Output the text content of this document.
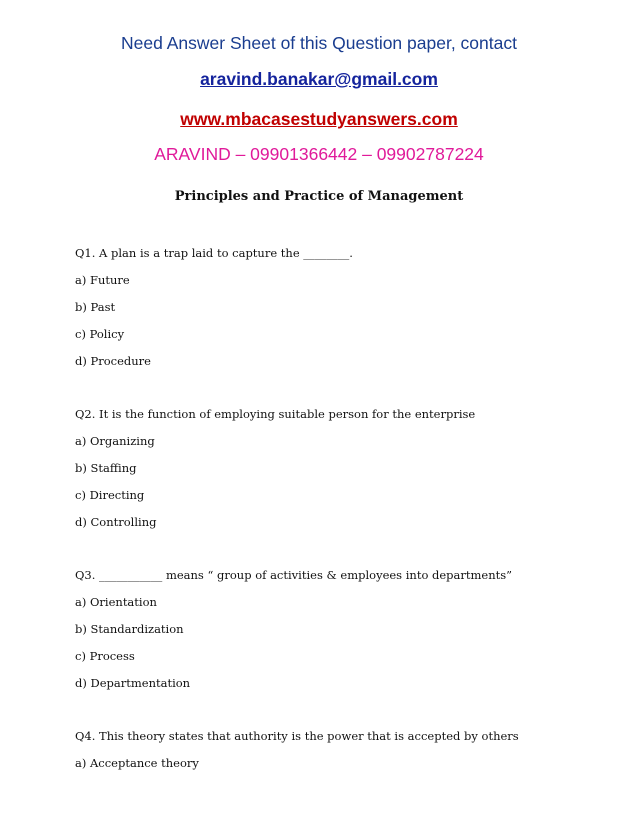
Need Answer Sheet of this Question paper, contact
aravind.banakar@gmail.com
www.mbacasestudyanswers.com
ARAVIND – 09901366442 – 09902787224
Principles and Practice of Management
Q1. A plan is a trap laid to capture the ________.
a) Future
b) Past
c) Policy
d) Procedure
Q2. It is the function of employing suitable person for the enterprise
a) Organizing
b) Staffing
c) Directing
d) Controlling
Q3. ___________ means “ group of activities & employees into departments”
a) Orientation
b) Standardization
c) Process
d) Departmentation
Q4. This theory states that authority is the power that is accepted by others
a) Acceptance theory
